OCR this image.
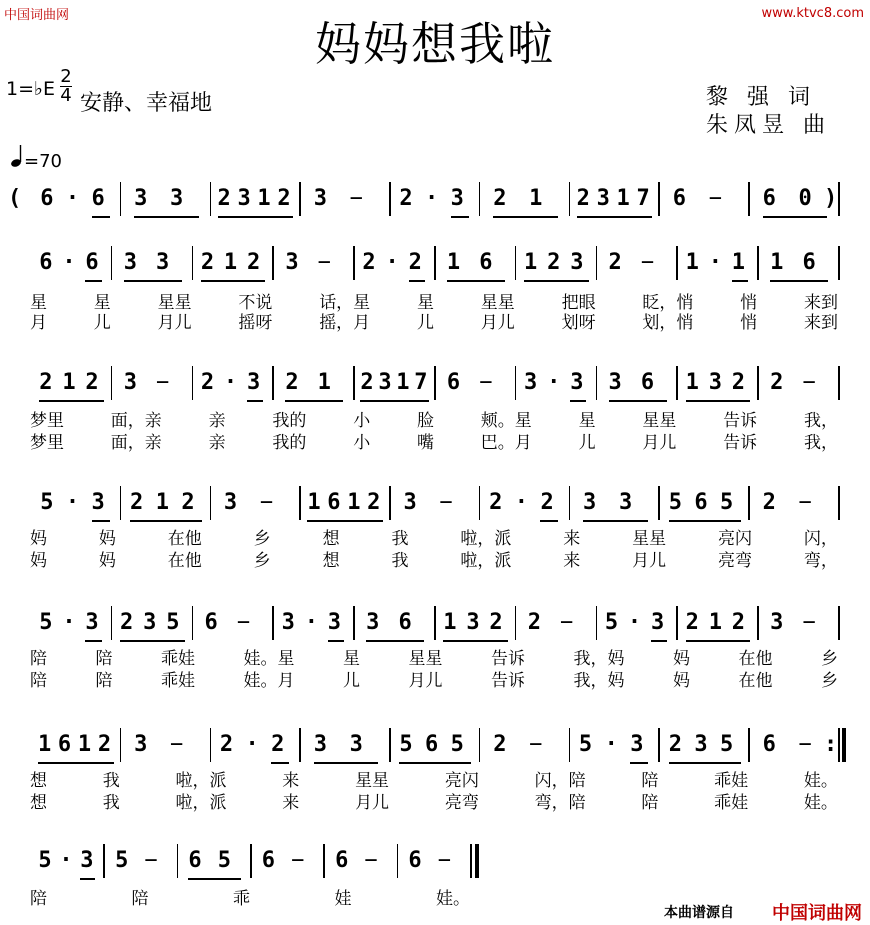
中国词曲网	www.ktvc8.com
妈妈想我啦
1=♭E
2
4 安静、幸福地	黎 强 词
朱凤昱 曲
=70
( 6 · 6 3 3 2 3 1 2 3 − 2 · 3 2 1 2 3 1 7 6 − 6 0 )
6 · 6 3 3 2 1 2 3 − 2 · 2 1 6 1 2 3 2 − 1 · 1 1 6
星	星	星星	不说	话，星	星	星星	把眼	眨，悄	悄	来到
月	儿	月儿	摇呀	摇，月	儿	月儿	划呀	划，悄	悄	来到
2 1 2 3 − 2 · 3 2 1 2 3 1 7 6 − 3 · 3 3 6 1 3 2 2 −
梦里	面，亲	亲	我的	小	脸	颊。星	星	星星	告诉	我，
梦里	面，亲	亲	我的	小	嘴	巴。月	儿	月儿	告诉	我，
5 · 3 2 1 2 3 − 1 6 1 2 3 − 2 · 2 3 3 5 6 5 2 −
妈	妈	在他	乡	想	我	啦，派	来	星星	亮闪	闪，
妈	妈	在他	乡	想	我	啦，派	来	月儿	亮弯	弯，
5 · 3 2 3 5 6 − 3 · 3 3 6 1 3 2 2 − 5 · 3 2 1 2 3 −
陪	陪	乖娃	娃。星	星	星星	告诉	我，妈	妈	在他	乡
陪	陪	乖娃	娃。月	儿	月儿	告诉	我，妈	妈	在他	乡
1 6 1 2 3 − 2 · 2 3 3 5 6 5 2 − 5 · 3 2 3 5 6 − :
想	我	啦，派	来	星星	亮闪	闪，陪	陪	乖娃	娃。
想	我	啦，派	来	月儿	亮弯	弯，陪	陪	乖娃	娃。
5 · 3 5 − 6 5 6 − 6 − 6 −
陪	陪	乖	娃	娃。
本曲谱源自 中国词曲网
